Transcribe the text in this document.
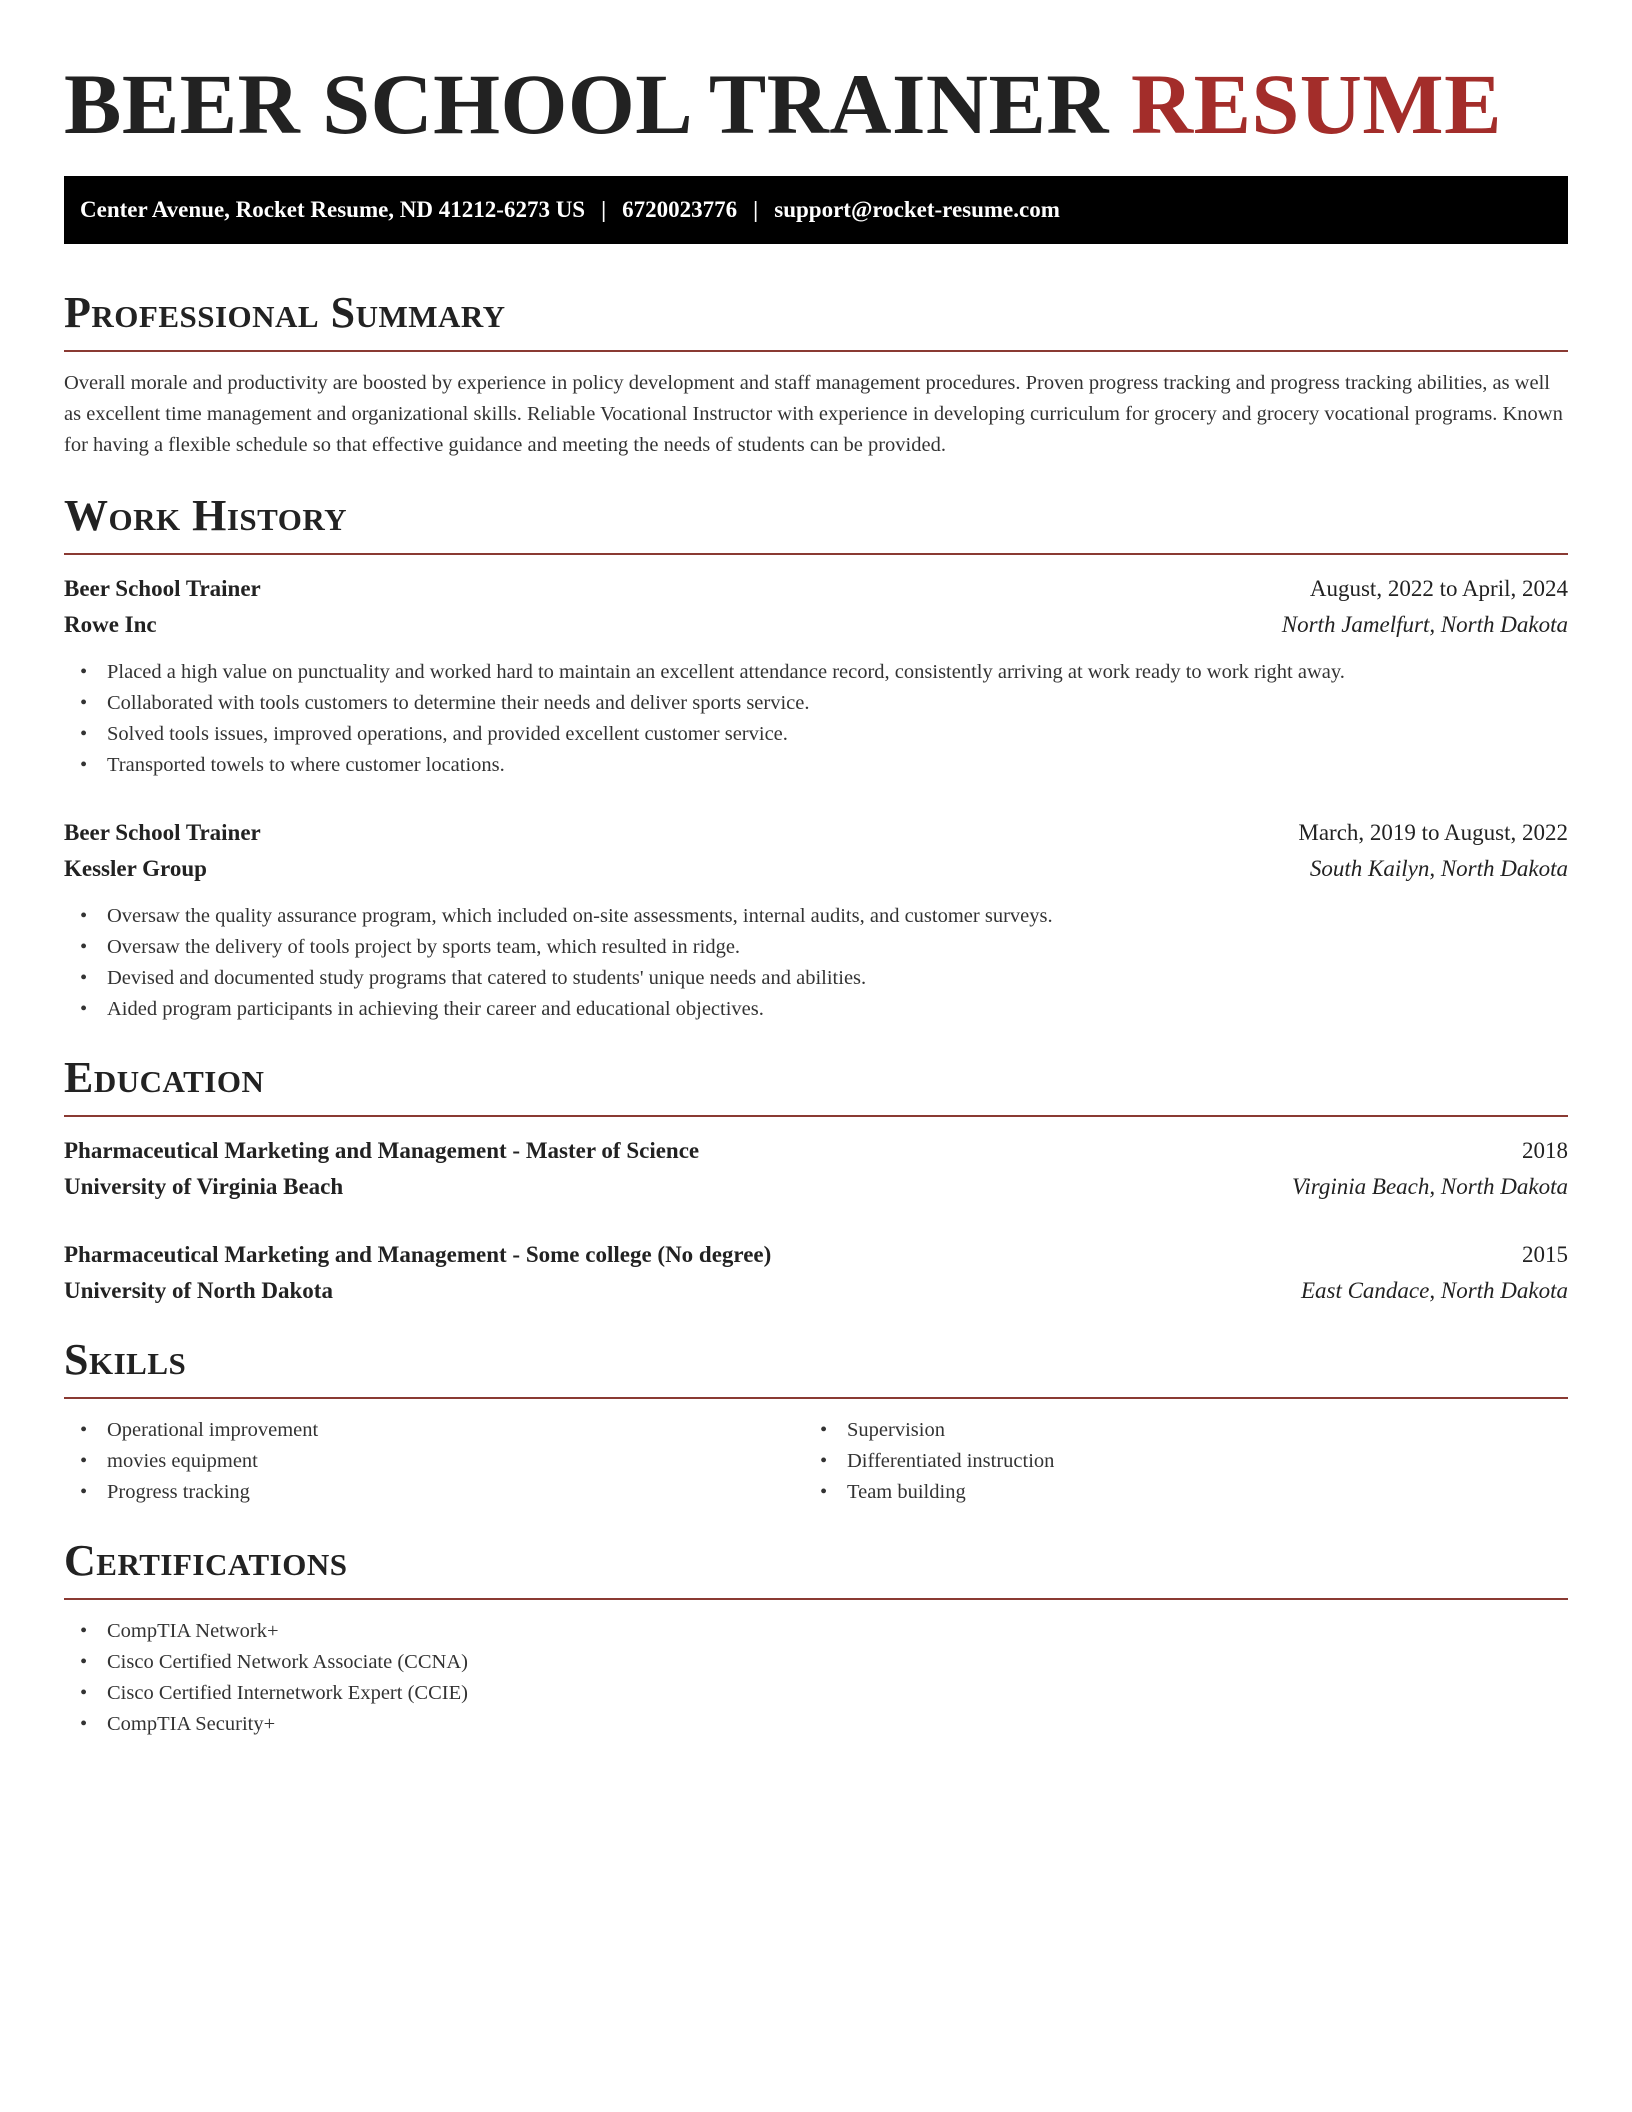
BEER SCHOOL TRAINER RESUME
Center Avenue, Rocket Resume, ND 41212-6273 US | 6720023776 | support@rocket-resume.com
Professional Summary

Overall morale and productivity are boosted by experience in policy development and staff management procedures. Proven progress tracking and progress tracking abilities, as well as excellent time management and organizational skills. Reliable Vocational Instructor with experience in developing curriculum for grocery and grocery vocational programs. Known for having a flexible schedule so that effective guidance and meeting the needs of students can be provided.

Work History
Beer School Trainer	August, 2022 to April, 2024
Rowe Inc	North Jamelfurt, North Dakota
• Placed a high value on punctuality and worked hard to maintain an excellent attendance record, consistently arriving at work ready to work right away.
• Collaborated with tools customers to determine their needs and deliver sports service.
• Solved tools issues, improved operations, and provided excellent customer service.
• Transported towels to where customer locations.
Beer School Trainer	March, 2019 to August, 2022
Kessler Group	South Kailyn, North Dakota
• Oversaw the quality assurance program, which included on-site assessments, internal audits, and customer surveys.
• Oversaw the delivery of tools project by sports team, which resulted in ridge.
• Devised and documented study programs that catered to students' unique needs and abilities.
• Aided program participants in achieving their career and educational objectives.
Education
Pharmaceutical Marketing and Management - Master of Science	2018
University of Virginia Beach	Virginia Beach, North Dakota
Pharmaceutical Marketing and Management - Some college (No degree)	2015
University of North Dakota	East Candace, North Dakota
Skills
• Operational improvement
• movies equipment
• Progress tracking
• Supervision
• Differentiated instruction
• Team building
Certifications
• CompTIA Network+
• Cisco Certified Network Associate (CCNA)
• Cisco Certified Internetwork Expert (CCIE)
• CompTIA Security+
